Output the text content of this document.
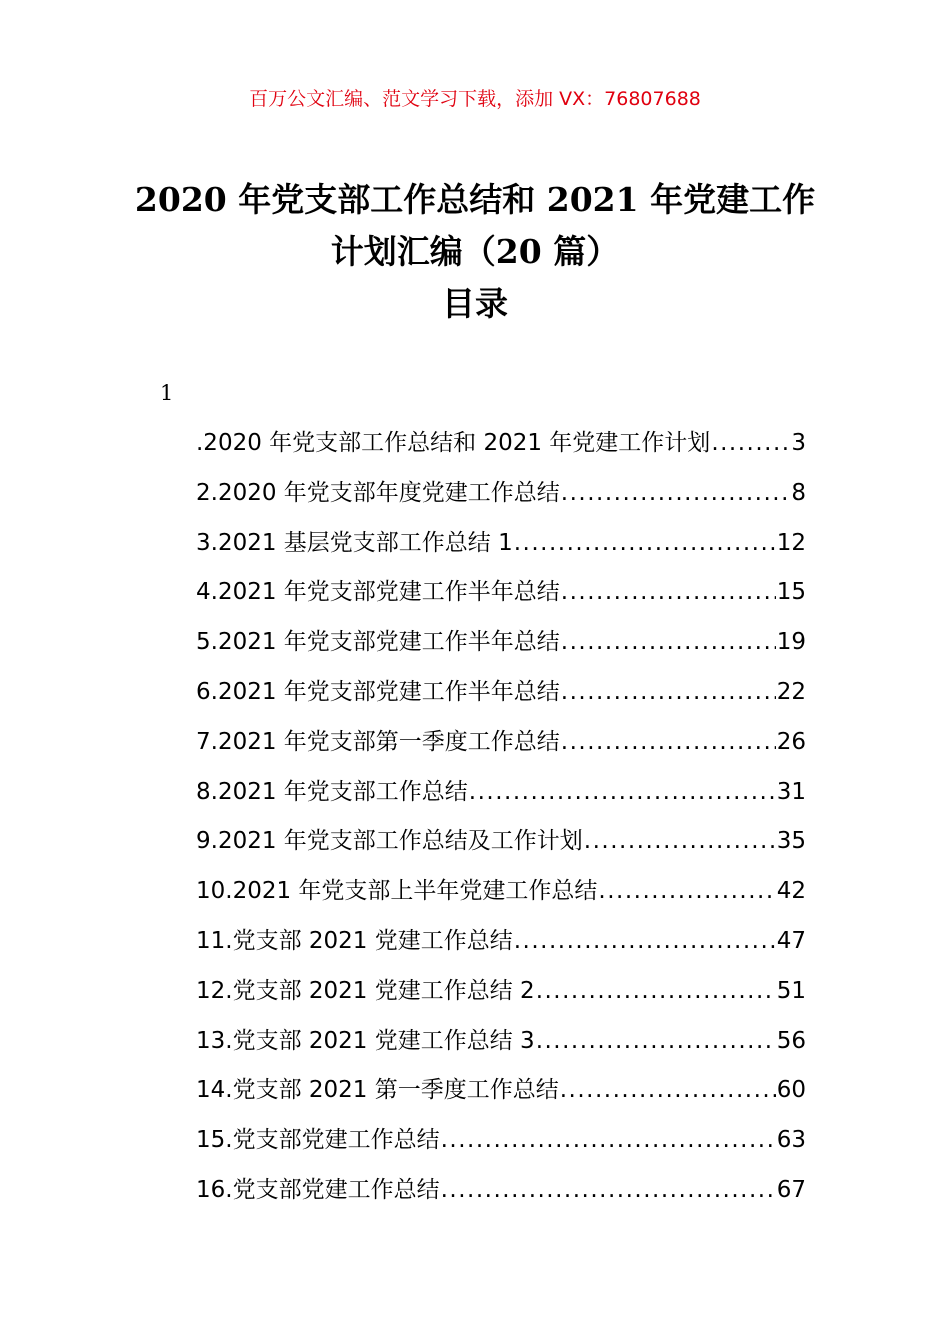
百万公文汇编、范文学习下载，添加 VX：76807688
2020 年党支部工作总结和 2021 年党建工作
计划汇编（20 篇）
目录
1
.2020 年党支部工作总结和 2021 年党建工作计划 .....	3
2.2020 年党支部年度党建工作总结 .....	8
3.2021 基层党支部工作总结 1 .....	12
4.2021 年党支部党建工作半年总结 .....	15
5.2021 年党支部党建工作半年总结 .....	19
6.2021 年党支部党建工作半年总结 .....	22
7.2021 年党支部第一季度工作总结 .....	26
8.2021 年党支部工作总结 .....	31
9.2021 年党支部工作总结及工作计划 .....	35
10.2021 年党支部上半年党建工作总结 .....	42
11.党支部 2021 党建工作总结 .....	47
12.党支部 2021 党建工作总结 2 .....	51
13.党支部 2021 党建工作总结 3 .....	56
14.党支部 2021 第一季度工作总结 .....	60
15.党支部党建工作总结 .....	63
16.党支部党建工作总结 .....	67
